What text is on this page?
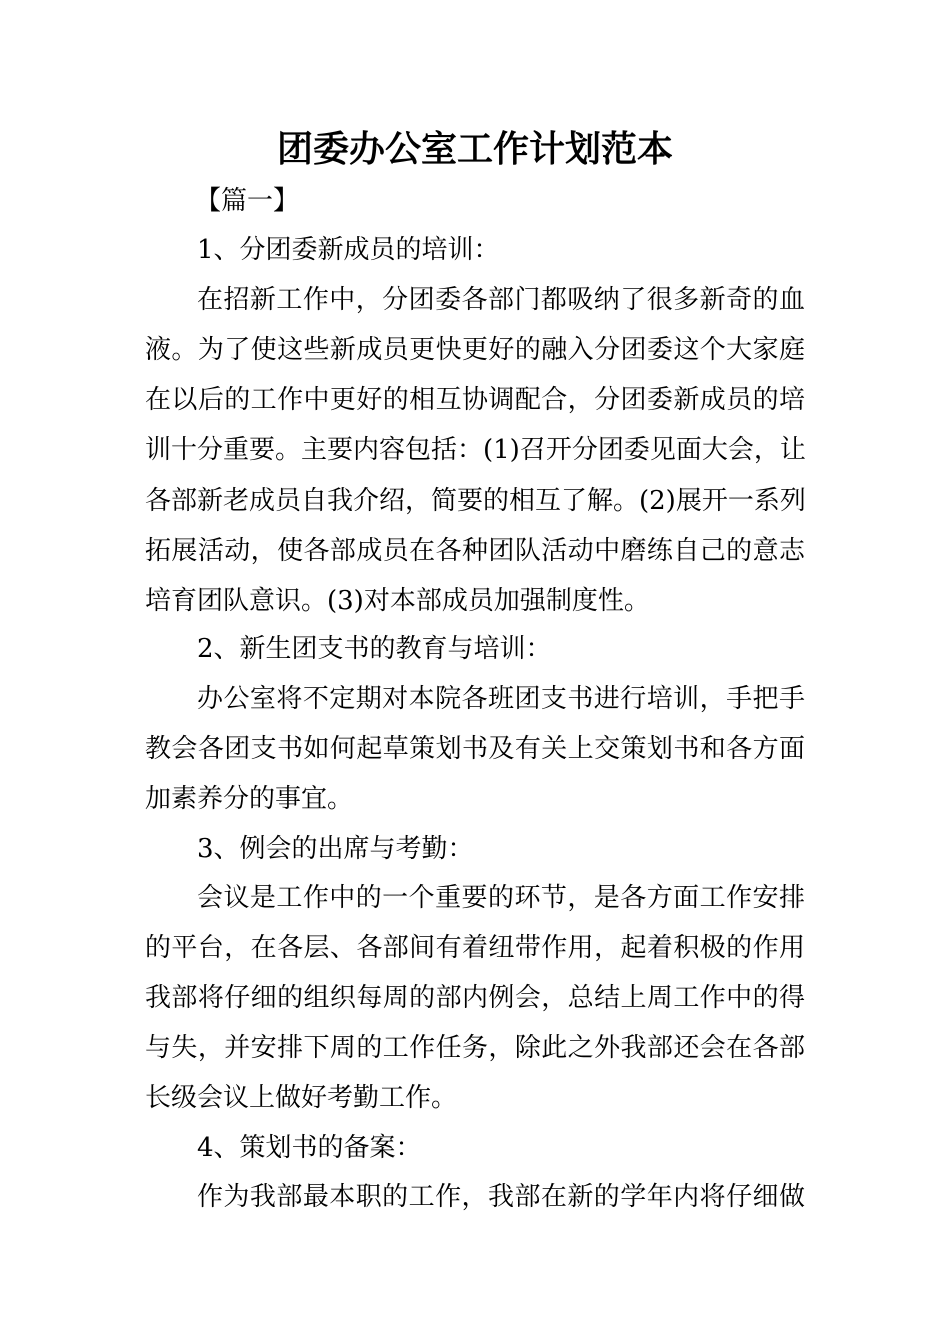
团委办公室工作计划范本
【篇一】
1、分团委新成员的培训：
在招新工作中，分团委各部门都吸纳了很多新奇的血
液。为了使这些新成员更快更好的融入分团委这个大家庭
在以后的工作中更好的相互协调配合，分团委新成员的培
训十分重要。主要内容包括：(1)召开分团委见面大会，让
各部新老成员自我介绍，简要的相互了解。(2)展开一系列
拓展活动，使各部成员在各种团队活动中磨练自己的意志
培育团队意识。(3)对本部成员加强制度性。
2、新生团支书的教育与培训：
办公室将不定期对本院各班团支书进行培训，手把手
教会各团支书如何起草策划书及有关上交策划书和各方面
加素养分的事宜。
3、例会的出席与考勤：
会议是工作中的一个重要的环节，是各方面工作安排
的平台，在各层、各部间有着纽带作用，起着积极的作用
我部将仔细的组织每周的部内例会，总结上周工作中的得
与失，并安排下周的工作任务，除此之外我部还会在各部
长级会议上做好考勤工作。
4、策划书的备案：
作为我部最本职的工作，我部在新的学年内将仔细做
